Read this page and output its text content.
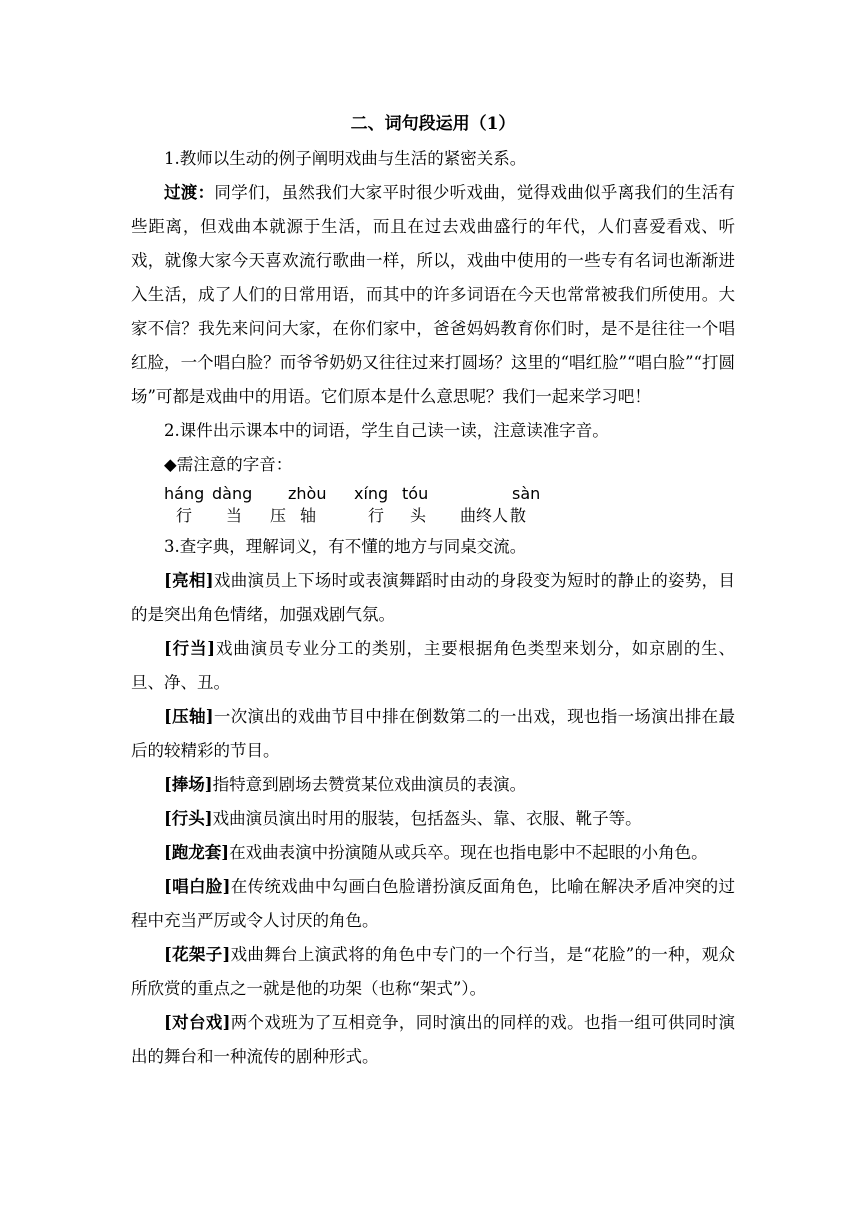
二、词句段运用（1）

1.教师以生动的例子阐明戏曲与生活的紧密关系。

过渡：同学们，虽然我们大家平时很少听戏曲，觉得戏曲似乎离我们的生活有些距离，但戏曲本就源于生活，而且在过去戏曲盛行的年代，人们喜爱看戏、听戏，就像大家今天喜欢流行歌曲一样，所以，戏曲中使用的一些专有名词也渐渐进入生活，成了人们的日常用语，而其中的许多词语在今天也常常被我们所使用。大家不信？我先来问问大家，在你们家中，爸爸妈妈教育你们时，是不是往往一个唱红脸，一个唱白脸？而爷爷奶奶又往往过来打圆场？这里的“唱红脸”“唱白脸”“打圆场”可都是戏曲中的用语。它们原本是什么意思呢？我们一起来学习吧！

2.课件出示课本中的词语，学生自己读一读，注意读准字音。

◆需注意的字音：

háng dàng zhòu xíng tóu	sàn
行 当 压 轴	行 头 曲终人 散

3.查字典，理解词义，有不懂的地方与同桌交流。

[亮相]戏曲演员上下场时或表演舞蹈时由动的身段变为短时的静止的姿势，目的是突出角色情绪，加强戏剧气氛。

[行当]戏曲演员专业分工的类别，主要根据角色类型来划分，如京剧的生、旦、净、丑。

[压轴]一次演出的戏曲节目中排在倒数第二的一出戏，现也指一场演出排在最后的较精彩的节目。

[捧场]指特意到剧场去赞赏某位戏曲演员的表演。

[行头]戏曲演员演出时用的服装，包括盔头、靠、衣服、靴子等。

[跑龙套]在戏曲表演中扮演随从或兵卒。现在也指电影中不起眼的小角色。

[唱白脸]在传统戏曲中勾画白色脸谱扮演反面角色，比喻在解决矛盾冲突的过程中充当严厉或令人讨厌的角色。

[花架子]戏曲舞台上演武将的角色中专门的一个行当，是“花脸”的一种，观众所欣赏的重点之一就是他的功架（也称“架式”）。

[对台戏]两个戏班为了互相竞争，同时演出的同样的戏。也指一组可供同时演出的舞台和一种流传的剧种形式。
